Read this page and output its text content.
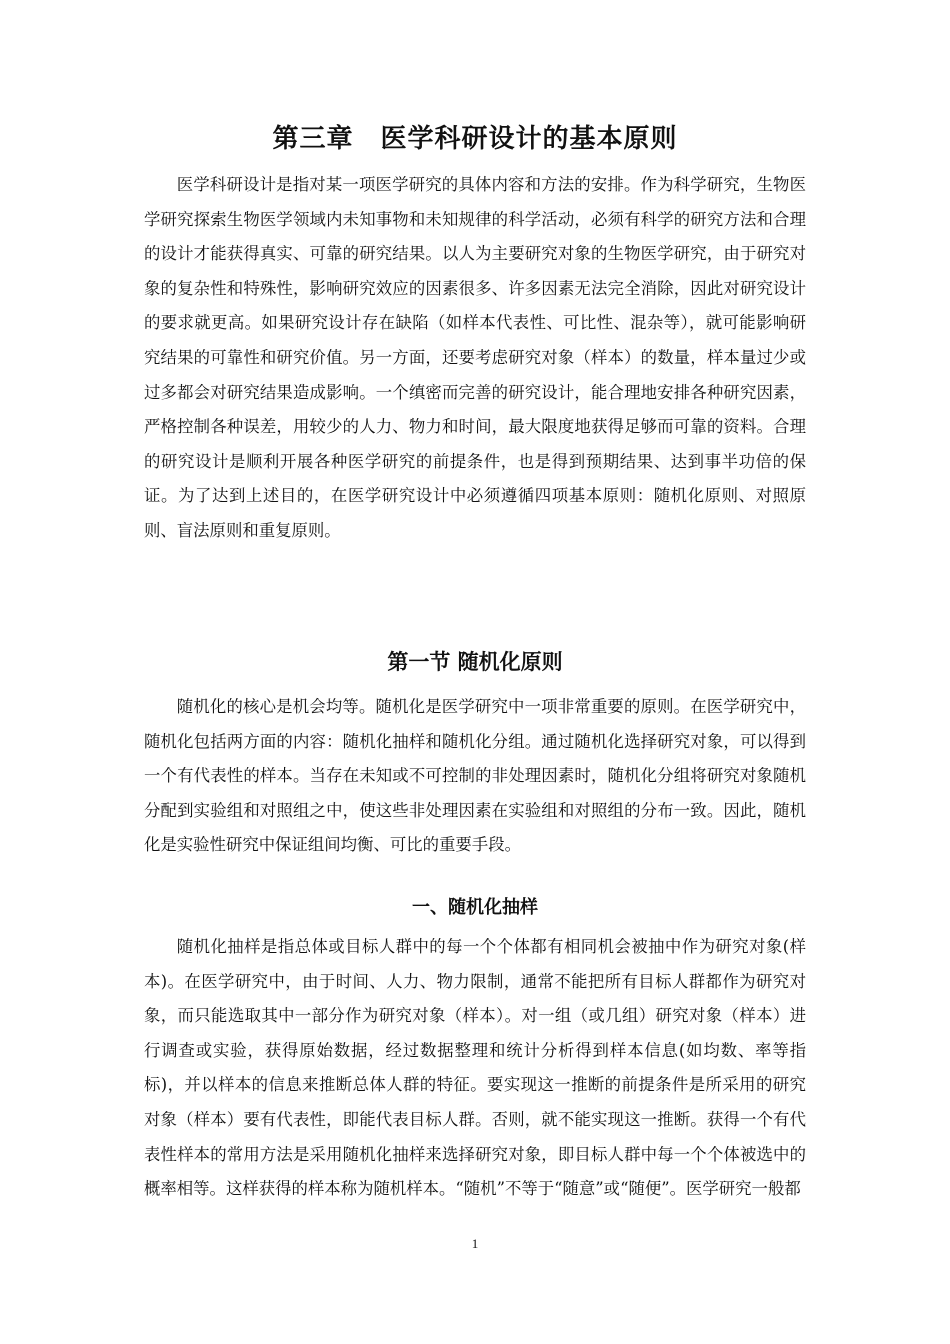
第三章　医学科研设计的基本原则

医学科研设计是指对某一项医学研究的具体内容和方法的安排。作为科学研究，生物医学研究探索生物医学领域内未知事物和未知规律的科学活动，必须有科学的研究方法和合理的设计才能获得真实、可靠的研究结果。以人为主要研究对象的生物医学研究，由于研究对象的复杂性和特殊性，影响研究效应的因素很多、许多因素无法完全消除，因此对研究设计的要求就更高。如果研究设计存在缺陷（如样本代表性、可比性、混杂等），就可能影响研究结果的可靠性和研究价值。另一方面，还要考虑研究对象（样本）的数量，样本量过少或过多都会对研究结果造成影响。一个缜密而完善的研究设计，能合理地安排各种研究因素，严格控制各种误差，用较少的人力、物力和时间，最大限度地获得足够而可靠的资料。合理的研究设计是顺利开展各种医学研究的前提条件，也是得到预期结果、达到事半功倍的保证。为了达到上述目的，在医学研究设计中必须遵循四项基本原则：随机化原则、对照原则、盲法原则和重复原则。

第一节 随机化原则

随机化的核心是机会均等。随机化是医学研究中一项非常重要的原则。在医学研究中，随机化包括两方面的内容：随机化抽样和随机化分组。通过随机化选择研究对象，可以得到一个有代表性的样本。当存在未知或不可控制的非处理因素时，随机化分组将研究对象随机分配到实验组和对照组之中，使这些非处理因素在实验组和对照组的分布一致。因此，随机化是实验性研究中保证组间均衡、可比的重要手段。

一、随机化抽样

随机化抽样是指总体或目标人群中的每一个个体都有相同机会被抽中作为研究对象(样本)。在医学研究中，由于时间、人力、物力限制，通常不能把所有目标人群都作为研究对象，而只能选取其中一部分作为研究对象（样本）。对一组（或几组）研究对象（样本）进行调查或实验，获得原始数据，经过数据整理和统计分析得到样本信息(如均数、率等指标)，并以样本的信息来推断总体人群的特征。要实现这一推断的前提条件是所采用的研究对象（样本）要有代表性，即能代表目标人群。否则，就不能实现这一推断。获得一个有代表性样本的常用方法是采用随机化抽样来选择研究对象，即目标人群中每一个个体被选中的概率相等。这样获得的样本称为随机样本。“随机”不等于“随意”或“随便”。医学研究一般都

1
